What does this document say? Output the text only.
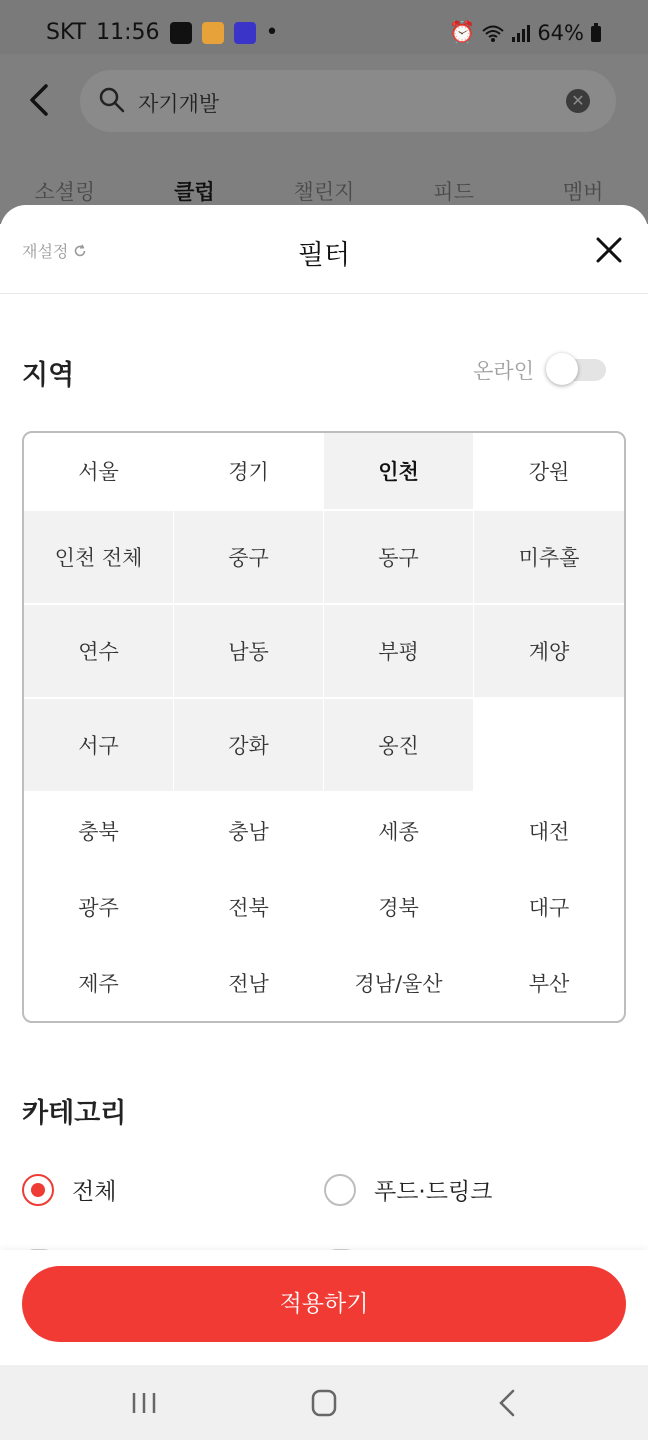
SKT 11:56	•	⏰	64%
자기개발	✕
소셜링	클럽	챌린지	피드	멤버
재설정	필터
지역	온라인
서울	경기	인천	강원
인천 전체	중구	동구	미추홀
연수	남동	부평	계양
서구	강화	옹진
충북	충남	세종	대전
광주	전북	경북	대구
제주	전남	경남/울산	부산
카테고리
전체	푸드·드링크
적용하기
